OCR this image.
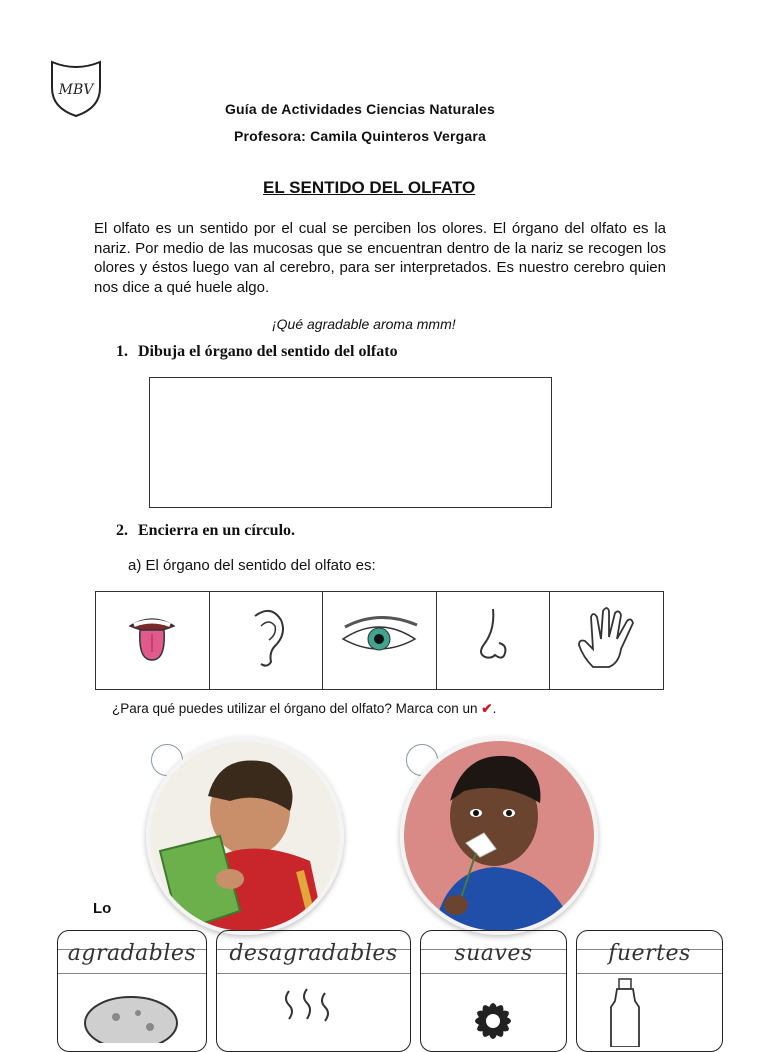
MBV
Guía de Actividades Ciencias Naturales
Profesora: Camila Quinteros Vergara
EL SENTIDO DEL OLFATO
El olfato es un sentido por el cual se perciben los olores. El órgano del olfato es la nariz. Por medio de las mucosas que se encuentran dentro de la nariz se recogen los olores y éstos luego van al cerebro, para ser interpretados. Es nuestro cerebro quien nos dice a qué huele algo.
¡Qué agradable aroma mmm!
1. Dibuja el órgano del sentido del olfato
2. Encierra en un círculo.
a) El órgano del sentido del olfato es:

¿Para qué puedes utilizar el órgano del olfato? Marca con un ✔.
Lo
agradables	desagradables	suaves	fuertes
